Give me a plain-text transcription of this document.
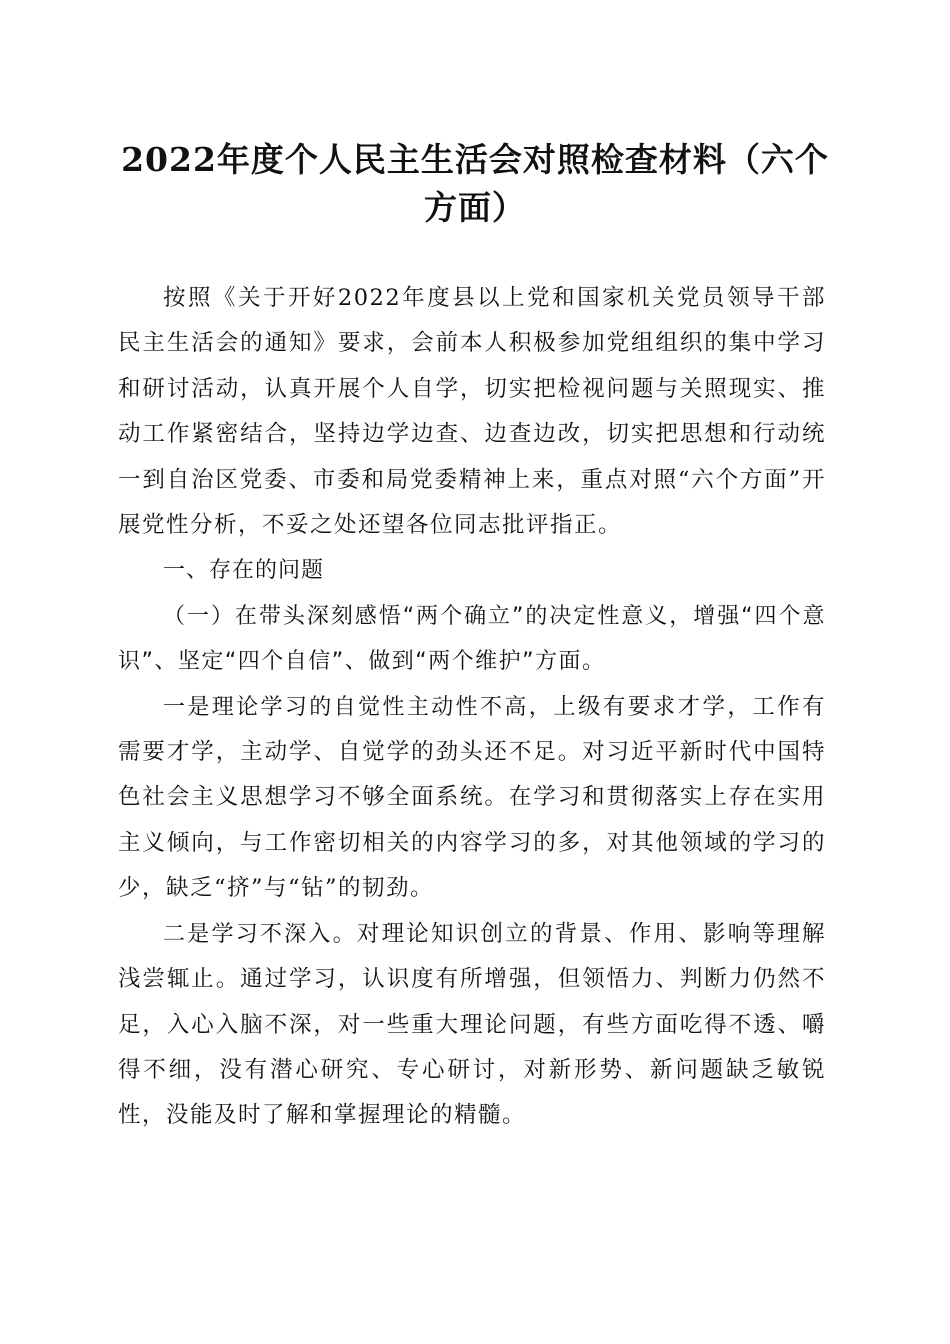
2022年度个人民主生活会对照检查材料（六个方面）

按照《关于开好2022年度县以上党和国家机关党员领导干部民主生活会的通知》要求，会前本人积极参加党组组织的集中学习和研讨活动，认真开展个人自学，切实把检视问题与关照现实、推动工作紧密结合，坚持边学边查、边查边改，切实把思想和行动统一到自治区党委、市委和局党委精神上来，重点对照“六个方面”开展党性分析，不妥之处还望各位同志批评指正。

一、存在的问题

（一）在带头深刻感悟“两个确立”的决定性意义，增强“四个意识”、坚定“四个自信”、做到“两个维护”方面。

一是理论学习的自觉性主动性不高，上级有要求才学，工作有需要才学，主动学、自觉学的劲头还不足。对习近平新时代中国特色社会主义思想学习不够全面系统。在学习和贯彻落实上存在实用主义倾向，与工作密切相关的内容学习的多，对其他领域的学习的少，缺乏“挤”与“钻”的韧劲。

二是学习不深入。对理论知识创立的背景、作用、影响等理解浅尝辄止。通过学习，认识度有所增强，但领悟力、判断力仍然不足，入心入脑不深，对一些重大理论问题，有些方面吃得不透、嚼得不细，没有潜心研究、专心研讨，对新形势、新问题缺乏敏锐性，没能及时了解和掌握理论的精髓。
